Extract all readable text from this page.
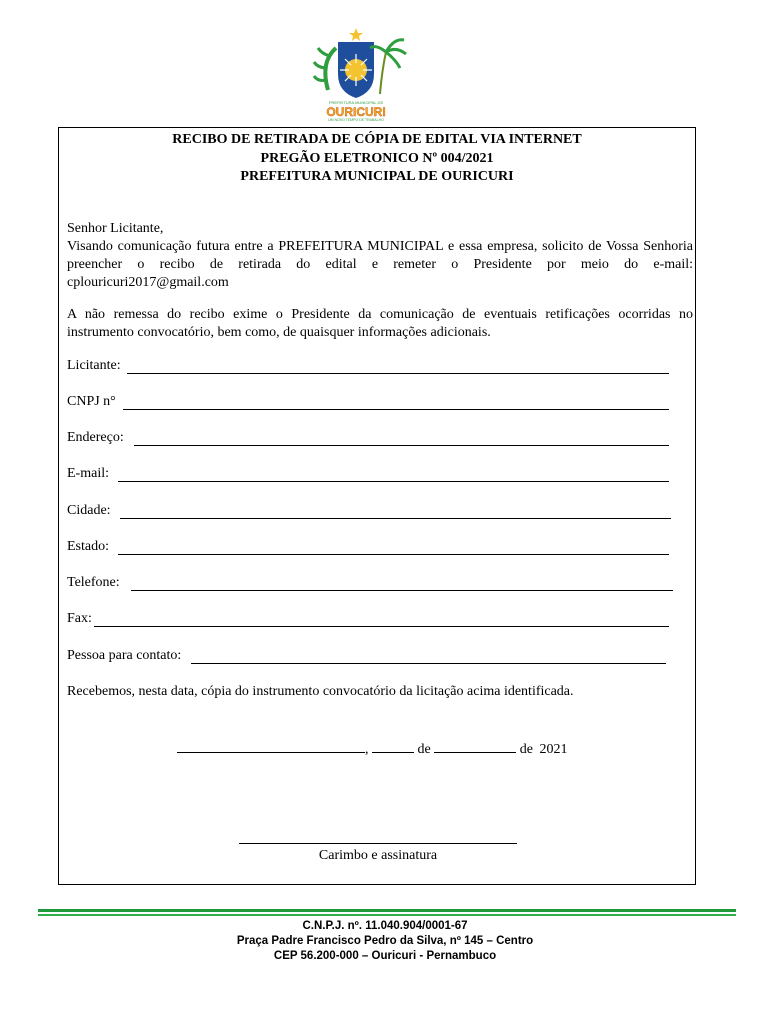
PREFEITURA MUNICIPAL DE
OURICURI
UM NOVO TEMPO DE TRABALHO
RECIBO DE RETIRADA DE CÓPIA DE EDITAL VIA INTERNET
PREGÃO ELETRONICO Nº 004/2021
PREFEITURA MUNICIPAL DE OURICURI
Senhor Licitante,
Visando comunicação futura entre a PREFEITURA MUNICIPAL e essa empresa, solicito de Vossa Senhoria preencher o recibo de retirada do edital e remeter o Presidente por meio do e-mail: cplouricuri2017@gmail.com
A não remessa do recibo exime o Presidente da comunicação de eventuais retificações ocorridas no instrumento convocatório, bem como, de quaisquer informações adicionais.
Licitante:
CNPJ n°
Endereço:
E-mail:
Cidade:
Estado:
Telefone:
Fax:
Pessoa para contato:
Recebemos, nesta data, cópia do instrumento convocatório da licitação acima identificada.
,	de	de 2021
Carimbo e assinatura
C.N.P.J. nº. 11.040.904/0001-67
Praça Padre Francisco Pedro da Silva, nº 145 – Centro
CEP 56.200-000 – Ouricuri - Pernambuco
